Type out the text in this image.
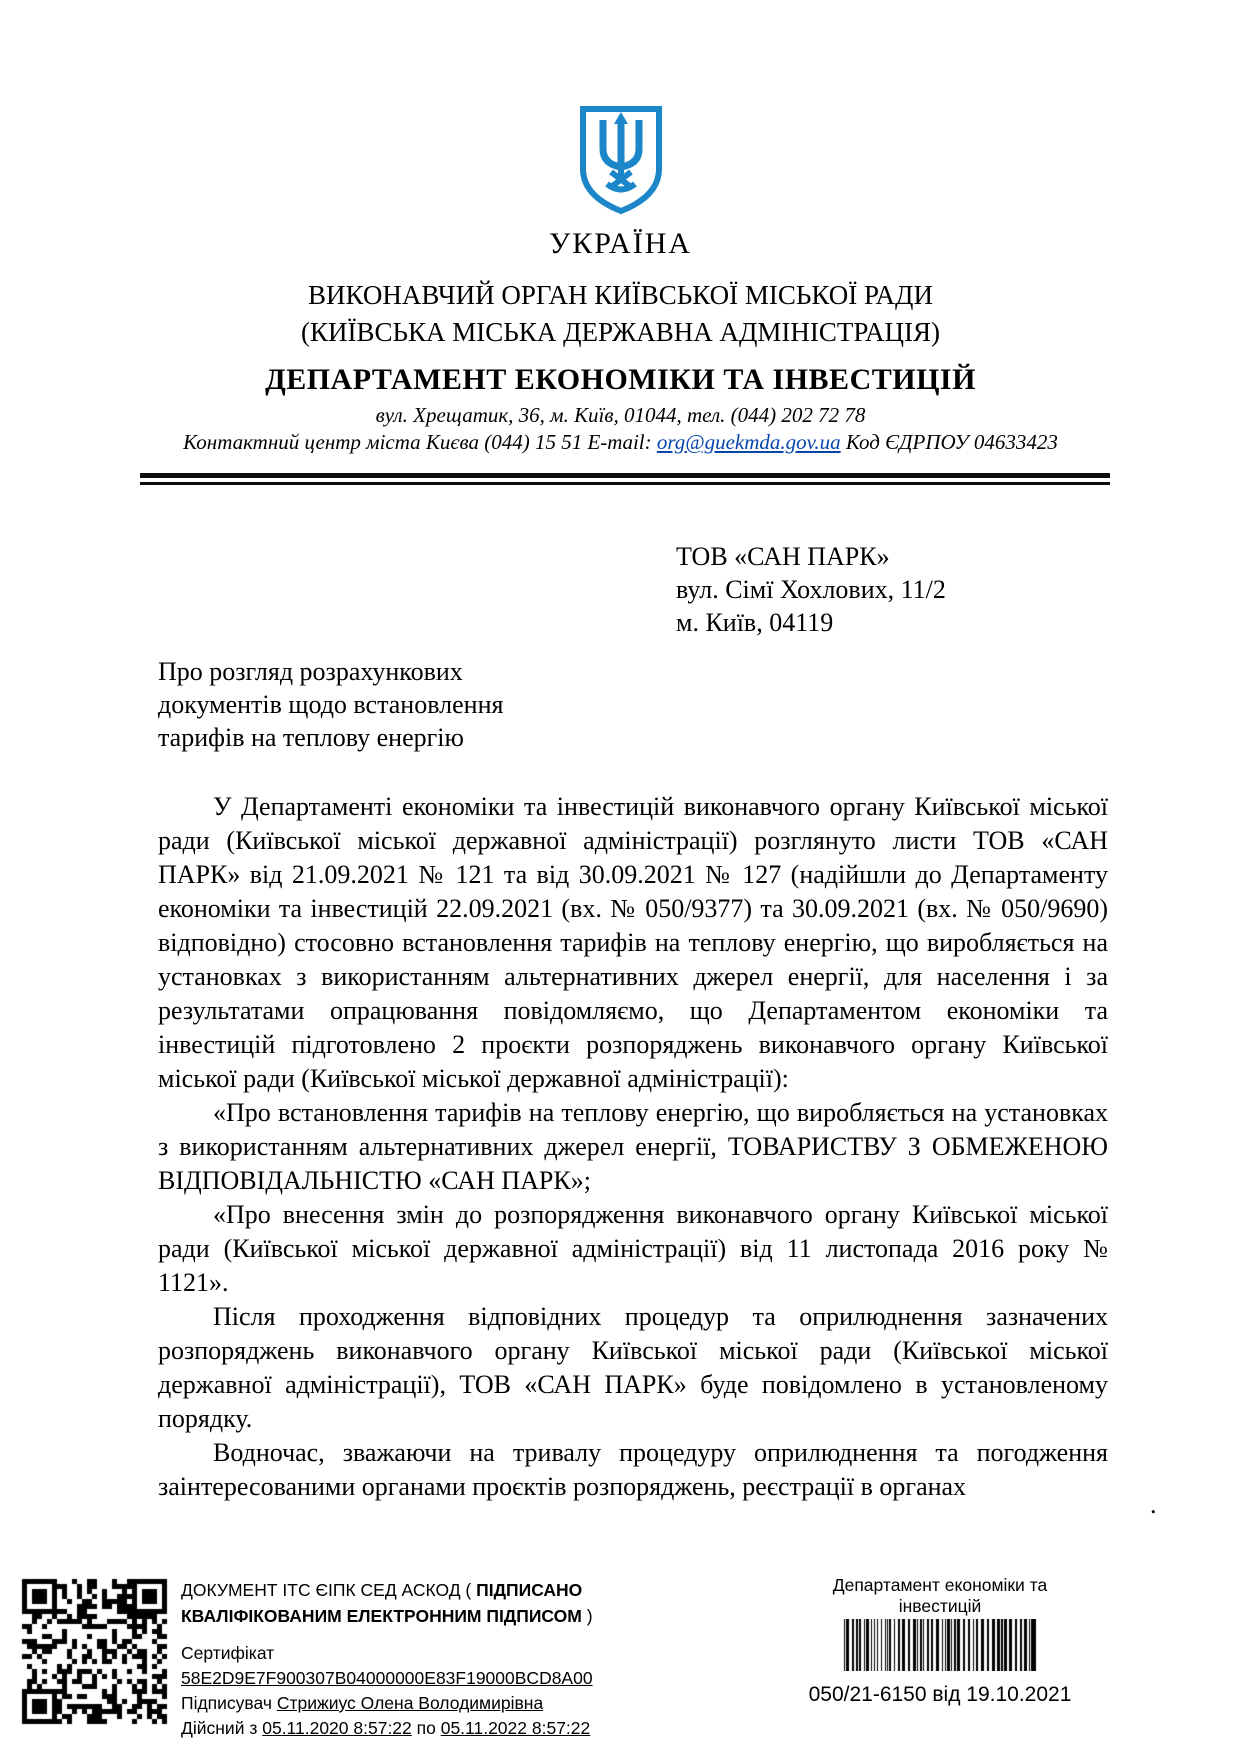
УКРАЇНА
ВИКОНАВЧИЙ ОРГАН КИЇВСЬКОЇ МІСЬКОЇ РАДИ
(КИЇВСЬКА МІСЬКА ДЕРЖАВНА АДМІНІСТРАЦІЯ)
ДЕПАРТАМЕНТ ЕКОНОМІКИ ТА ІНВЕСТИЦІЙ
вул. Хрещатик, 36, м. Київ, 01044, тел. (044) 202 72 78
Контактний центр міста Києва (044) 15 51 E-mail: org@guekmda.gov.ua Код ЄДРПОУ 04633423
ТОВ «САН ПАРК»
вул. Сімї Хохлових, 11/2
м. Київ, 04119
Про розгляд розрахункових
документів щодо встановлення
тарифів на теплову енергію

У Департаменті економіки та інвестицій виконавчого органу Київської міської ради (Київської міської державної адміністрації) розглянуто листи ТОВ «САН ПАРК» від 21.09.2021 № 121 та від 30.09.2021 № 127 (надійшли до Департаменту економіки та інвестицій 22.09.2021 (вх. № 050/9377) та 30.09.2021 (вх. № 050/9690) відповідно) стосовно встановлення тарифів на теплову енергію, що виробляється на установках з використанням альтернативних джерел енергії, для населення і за результатами опрацювання повідомляємо, що Департаментом економіки та інвестицій підготовлено 2 проєкти розпоряджень виконавчого органу Київської міської ради (Київської міської державної адміністрації):

«Про встановлення тарифів на теплову енергію, що виробляється на установках з використанням альтернативних джерел енергії, ТОВАРИСТВУ З ОБМЕЖЕНОЮ ВІДПОВІДАЛЬНІСТЮ «САН ПАРК»;

«Про внесення змін до розпорядження виконавчого органу Київської міської ради (Київської міської державної адміністрації) від 11 листопада 2016 року № 1121».

Після проходження відповідних процедур та оприлюднення зазначених розпоряджень виконавчого органу Київської міської ради (Київської міської державної адміністрації), ТОВ «САН ПАРК» буде повідомлено в установленому порядку.

Водночас, зважаючи на тривалу процедуру оприлюднення та погодження заінтересованими органами проєктів розпоряджень, реєстрації в органах

.
ДОКУМЕНТ ІТС ЄІПК СЕД АСКОД ( ПІДПИСАНО КВАЛІФІКОВАНИМ ЕЛЕКТРОННИМ ПІДПИСОМ )
Сертифікат 58E2D9E7F900307B04000000E83F19000BCD8A00
Підписувач Стрижиус Олена Володимирівна
Дійсний з 05.11.2020 8:57:22 по 05.11.2022 8:57:22
Департамент економіки та інвестицій
050/21-6150 від 19.10.2021
